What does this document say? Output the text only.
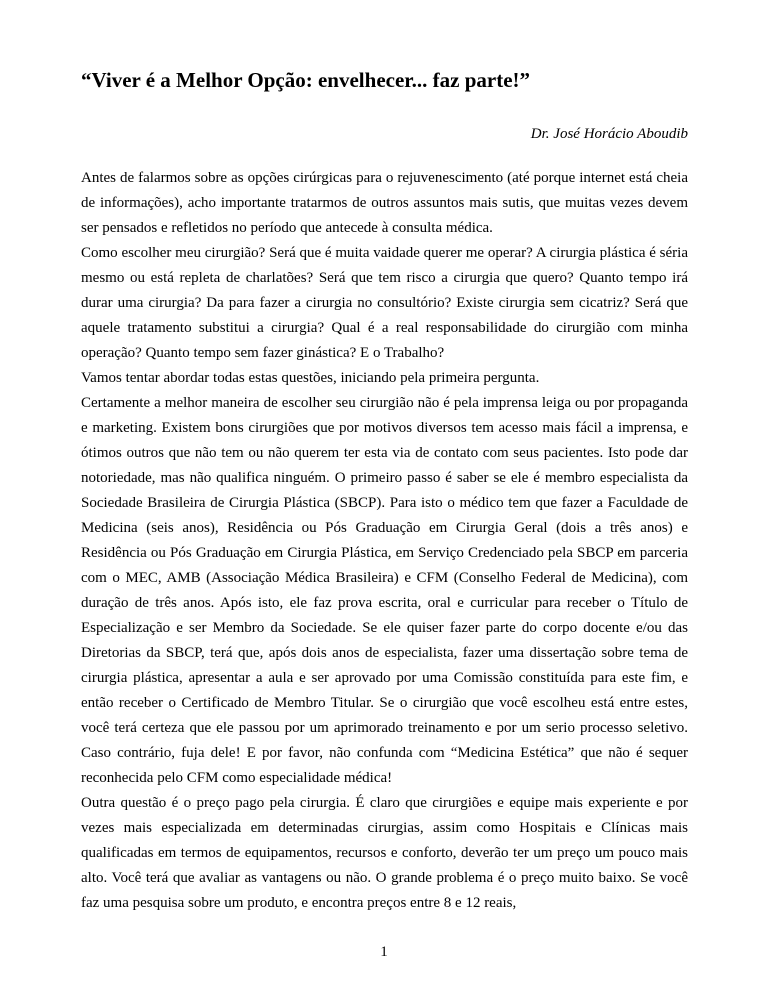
“Viver é a Melhor Opção: envelhecer... faz parte!”
Dr. José Horácio Aboudib

Antes de falarmos sobre as opções cirúrgicas para o rejuvenescimento (até porque internet está cheia de informações), acho importante tratarmos de outros assuntos mais sutis, que muitas vezes devem ser pensados e refletidos no período que antecede à consulta médica.

Como escolher meu cirurgião? Será que é muita vaidade querer me operar? A cirurgia plástica é séria mesmo ou está repleta de charlatões? Será que tem risco a cirurgia que quero? Quanto tempo irá durar uma cirurgia? Da para fazer a cirurgia no consultório? Existe cirurgia sem cicatriz? Será que aquele tratamento substitui a cirurgia? Qual é a real responsabilidade do cirurgião com minha operação? Quanto tempo sem fazer ginástica? E o Trabalho?

Vamos tentar abordar todas estas questões, iniciando pela primeira pergunta.

Certamente a melhor maneira de escolher seu cirurgião não é pela imprensa leiga ou por propaganda e marketing. Existem bons cirurgiões que por motivos diversos tem acesso mais fácil a imprensa, e ótimos outros que não tem ou não querem ter esta via de contato com seus pacientes. Isto pode dar notoriedade, mas não qualifica ninguém. O primeiro passo é saber se ele é membro especialista da Sociedade Brasileira de Cirurgia Plástica (SBCP). Para isto o médico tem que fazer a Faculdade de Medicina (seis anos), Residência ou Pós Graduação em Cirurgia Geral (dois a três anos) e Residência ou Pós Graduação em Cirurgia Plástica, em Serviço Credenciado pela SBCP em parceria com o MEC, AMB (Associação Médica Brasileira) e CFM (Conselho Federal de Medicina), com duração de três anos. Após isto, ele faz prova escrita, oral e curricular para receber o Título de Especialização e ser Membro da Sociedade. Se ele quiser fazer parte do corpo docente e/ou das Diretorias da SBCP, terá que, após dois anos de especialista, fazer uma dissertação sobre tema de cirurgia plástica, apresentar a aula e ser aprovado por uma Comissão constituída para este fim, e então receber o Certificado de Membro Titular. Se o cirurgião que você escolheu está entre estes, você terá certeza que ele passou por um aprimorado treinamento e por um serio processo seletivo. Caso contrário, fuja dele! E por favor, não confunda com “Medicina Estética” que não é sequer reconhecida pelo CFM como especialidade médica!

Outra questão é o preço pago pela cirurgia. É claro que cirurgiões e equipe mais experiente e por vezes mais especializada em determinadas cirurgias, assim como Hospitais e Clínicas mais qualificadas em termos de equipamentos, recursos e conforto, deverão ter um preço um pouco mais alto. Você terá que avaliar as vantagens ou não. O grande problema é o preço muito baixo. Se você faz uma pesquisa sobre um produto, e encontra preços entre 8 e 12 reais,

1
